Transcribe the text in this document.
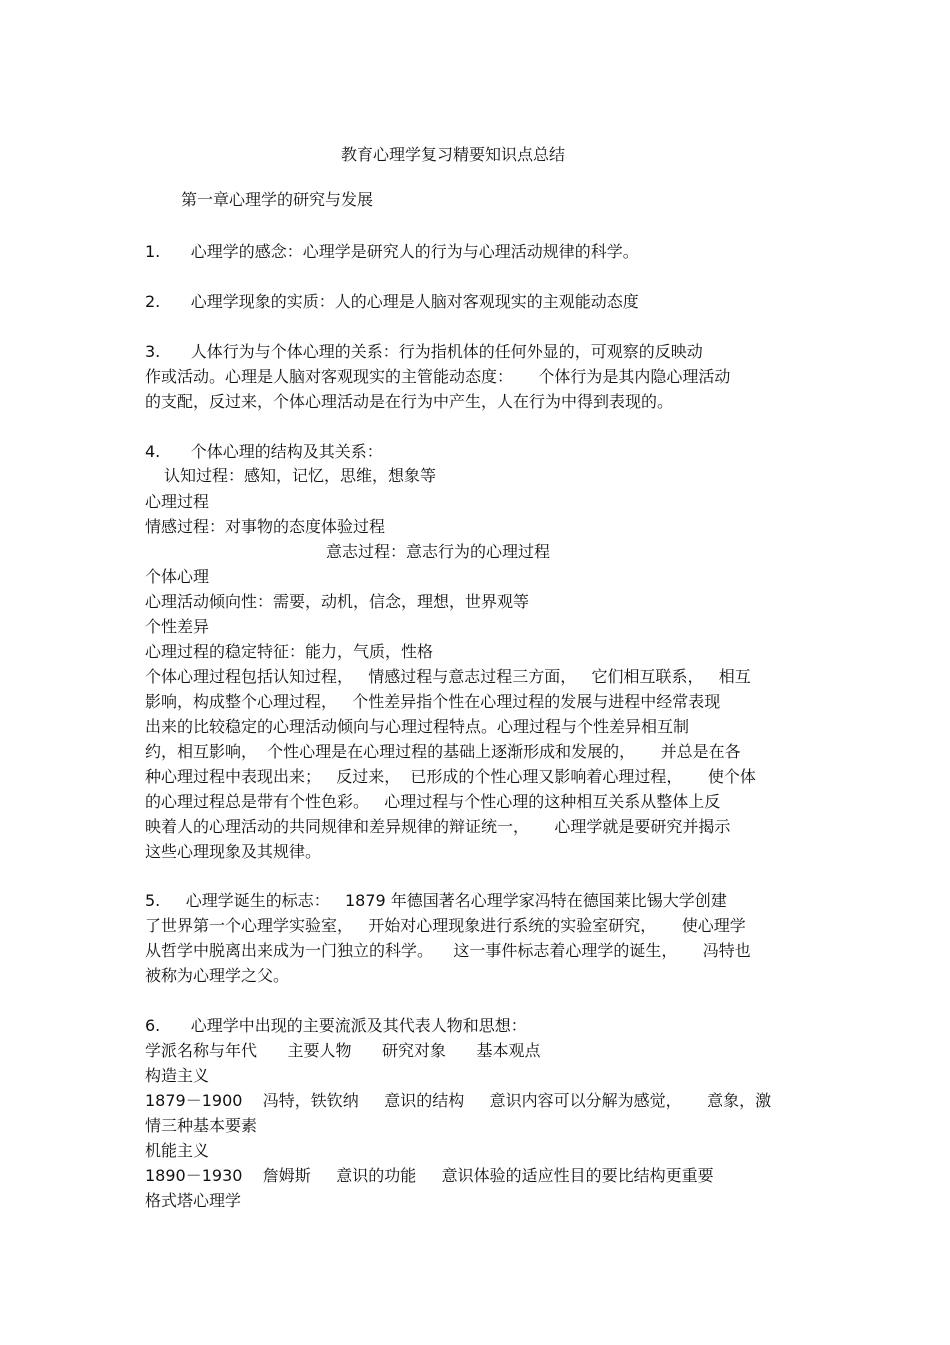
教育心理学复习精要知识点总结
第一章心理学的研究与发展
1.      心理学的感念：心理学是研究人的行为与心理活动规律的科学。
2.      心理学现象的实质：人的心理是人脑对客观现实的主观能动态度
3.      人体行为与个体心理的关系：行为指机体的任何外显的，可观察的反映动
作或活动。心理是人脑对客观现实的主管能动态度：     个体行为是其内隐心理活动
的支配，反过来，个体心理活动是在行为中产生，人在行为中得到表现的。
4.      个体心理的结构及其关系：
认知过程：感知，记忆，思维，想象等
心理过程
情感过程：对事物的态度体验过程
意志过程：意志行为的心理过程
个体心理
心理活动倾向性：需要，动机，信念，理想，世界观等
个性差异
心理过程的稳定特征：能力，气质，性格
个体心理过程包括认知过程，   情感过程与意志过程三方面，   它们相互联系，   相互
影响，构成整个心理过程，   个性差异指个性在心理过程的发展与进程中经常表现
出来的比较稳定的心理活动倾向与心理过程特点。心理过程与个性差异相互制
约，相互影响，  个性心理是在心理过程的基础上逐渐形成和发展的，     并总是在各
种心理过程中表现出来；   反过来，  已形成的个性心理又影响着心理过程，     使个体
的心理过程总是带有个性色彩。   心理过程与个性心理的这种相互关系从整体上反
映着人的心理活动的共同规律和差异规律的辩证统一，     心理学就是要研究并揭示
这些心理现象及其规律。
5.     心理学诞生的标志：   1879 年德国著名心理学家冯特在德国莱比锡大学创建
了世界第一个心理学实验室，   开始对心理现象进行系统的实验室研究，     使心理学
从哲学中脱离出来成为一门独立的科学。    这一事件标志着心理学的诞生，     冯特也
被称为心理学之父。
6.      心理学中出现的主要流派及其代表人物和思想：
学派名称与年代      主要人物      研究对象      基本观点
构造主义
1879－1900    冯特，铁钦纳     意识的结构     意识内容可以分解为感觉，     意象，激
情三种基本要素
机能主义
1890－1930    詹姆斯     意识的功能     意识体验的适应性目的要比结构更重要
格式塔心理学
